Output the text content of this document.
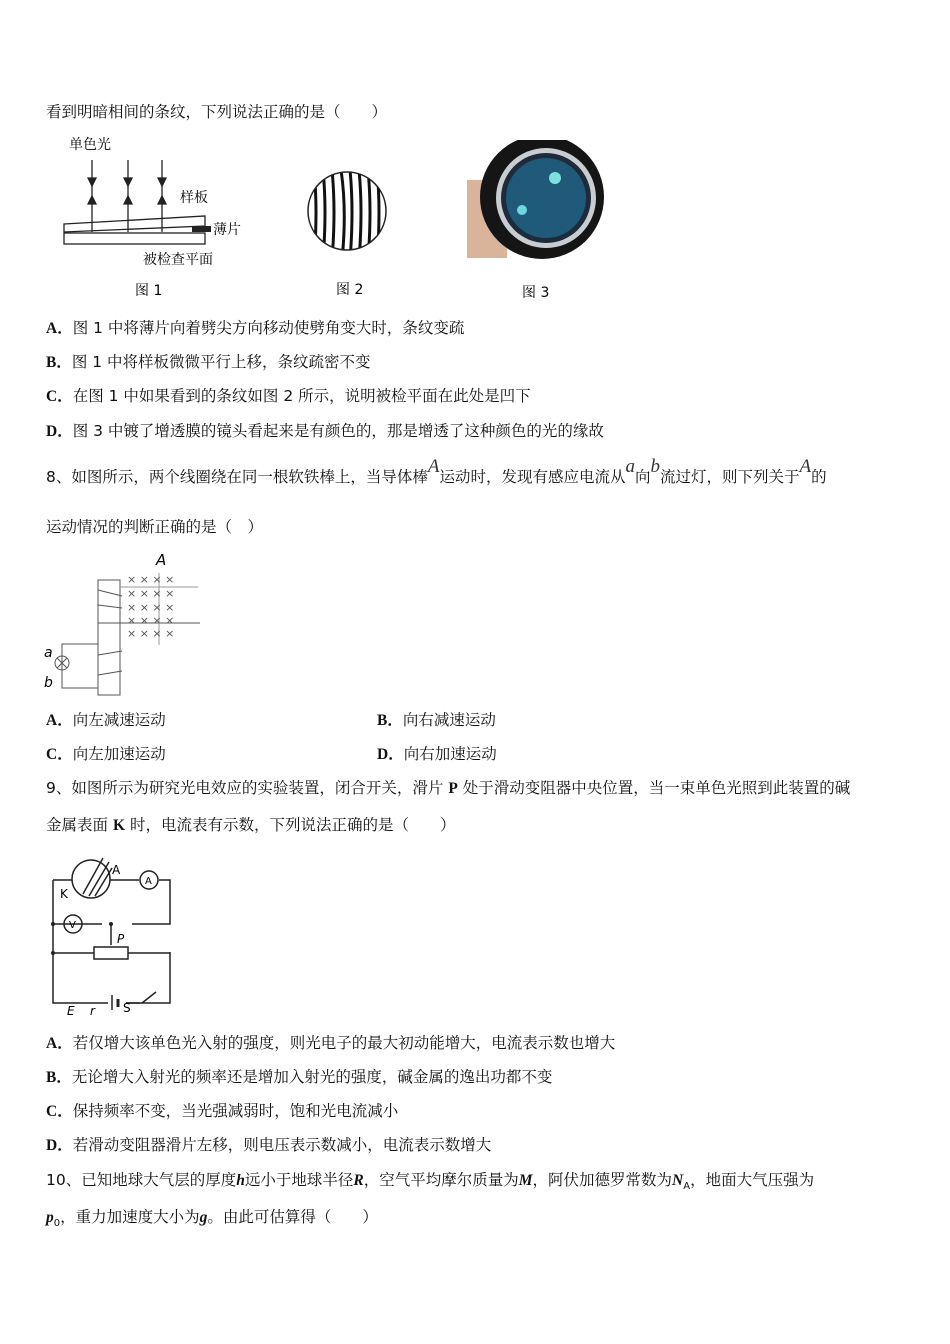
看到明暗相间的条纹，下列说法正确的是（　　）
单色光
样板
薄片
被检查平面
图 1	图 2	图 3
A．图 1 中将薄片向着劈尖方向移动使劈角变大时，条纹变疏
B．图 1 中将样板微微平行上移，条纹疏密不变
C．在图 1 中如果看到的条纹如图 2 所示，说明被检平面在此处是凹下
D．图 3 中镀了增透膜的镜头看起来是有颜色的，那是增透了这种颜色的光的缘故
8、如图所示，两个线圈绕在同一根软铁棒上，当导体棒A运动时，发现有感应电流从a向b流过灯，则下列关于A的
运动情况的判断正确的是（　）
A
× × × ×
× × × ×
× × × ×
× × × ×
× × × ×
a
b
A．向左减速运动	B．向右减速运动
C．向左加速运动	D．向右加速运动
9、如图所示为研究光电效应的实验装置，闭合开关，滑片 P 处于滑动变阻器中央位置，当一束单色光照到此装置的碱
金属表面 K 时，电流表有示数，下列说法正确的是（　　）
K
A
A
V
P
E r S
A．若仅增大该单色光入射的强度，则光电子的最大初动能增大，电流表示数也增大
B．无论增大入射光的频率还是增加入射光的强度，碱金属的逸出功都不变
C．保持频率不变，当光强减弱时，饱和光电流减小
D．若滑动变阻器滑片左移，则电压表示数减小，电流表示数增大
10、已知地球大气层的厚度h远小于地球半径R，空气平均摩尔质量为M，阿伏加德罗常数为$N_A$，地面大气压强为
$p_0$，重力加速度大小为g。由此可估算得（　　）
